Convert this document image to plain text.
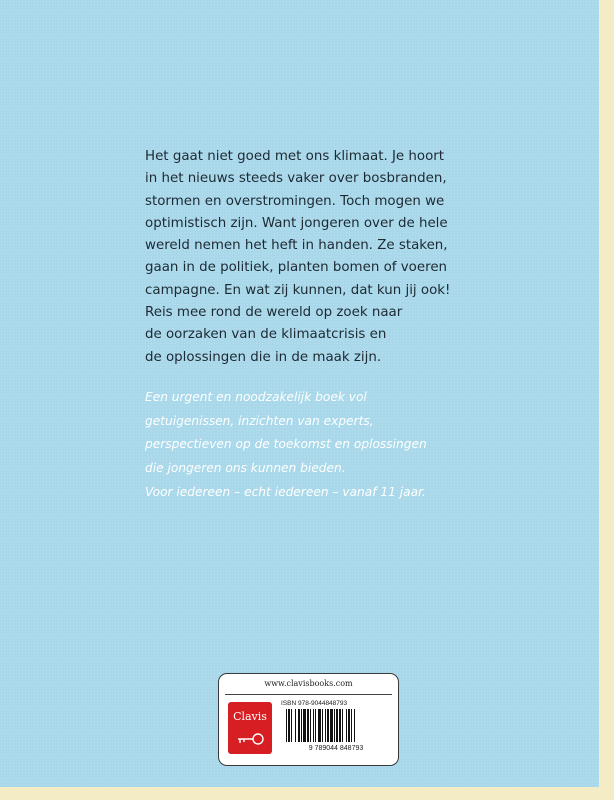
Het gaat niet goed met ons klimaat. Je hoort
in het nieuws steeds vaker over bosbranden,
stormen en overstromingen. Toch mogen we
optimistisch zijn. Want jongeren over de hele
wereld nemen het heft in handen. Ze staken,
gaan in de politiek, planten bomen of voeren
campagne. En wat zij kunnen, dat kun jij ook!
Reis mee rond de wereld op zoek naar
de oorzaken van de klimaatcrisis en
de oplossingen die in de maak zijn.

Een urgent en noodzakelijk boek vol
getuigenissen, inzichten van experts,
perspectieven op de toekomst en oplossingen
die jongeren ons kunnen bieden.
Voor iedereen – echt iedereen – vanaf 11 jaar.

www.clavisbooks.com
Clavis
ISBN 978-9044848793
9 789044 848793
